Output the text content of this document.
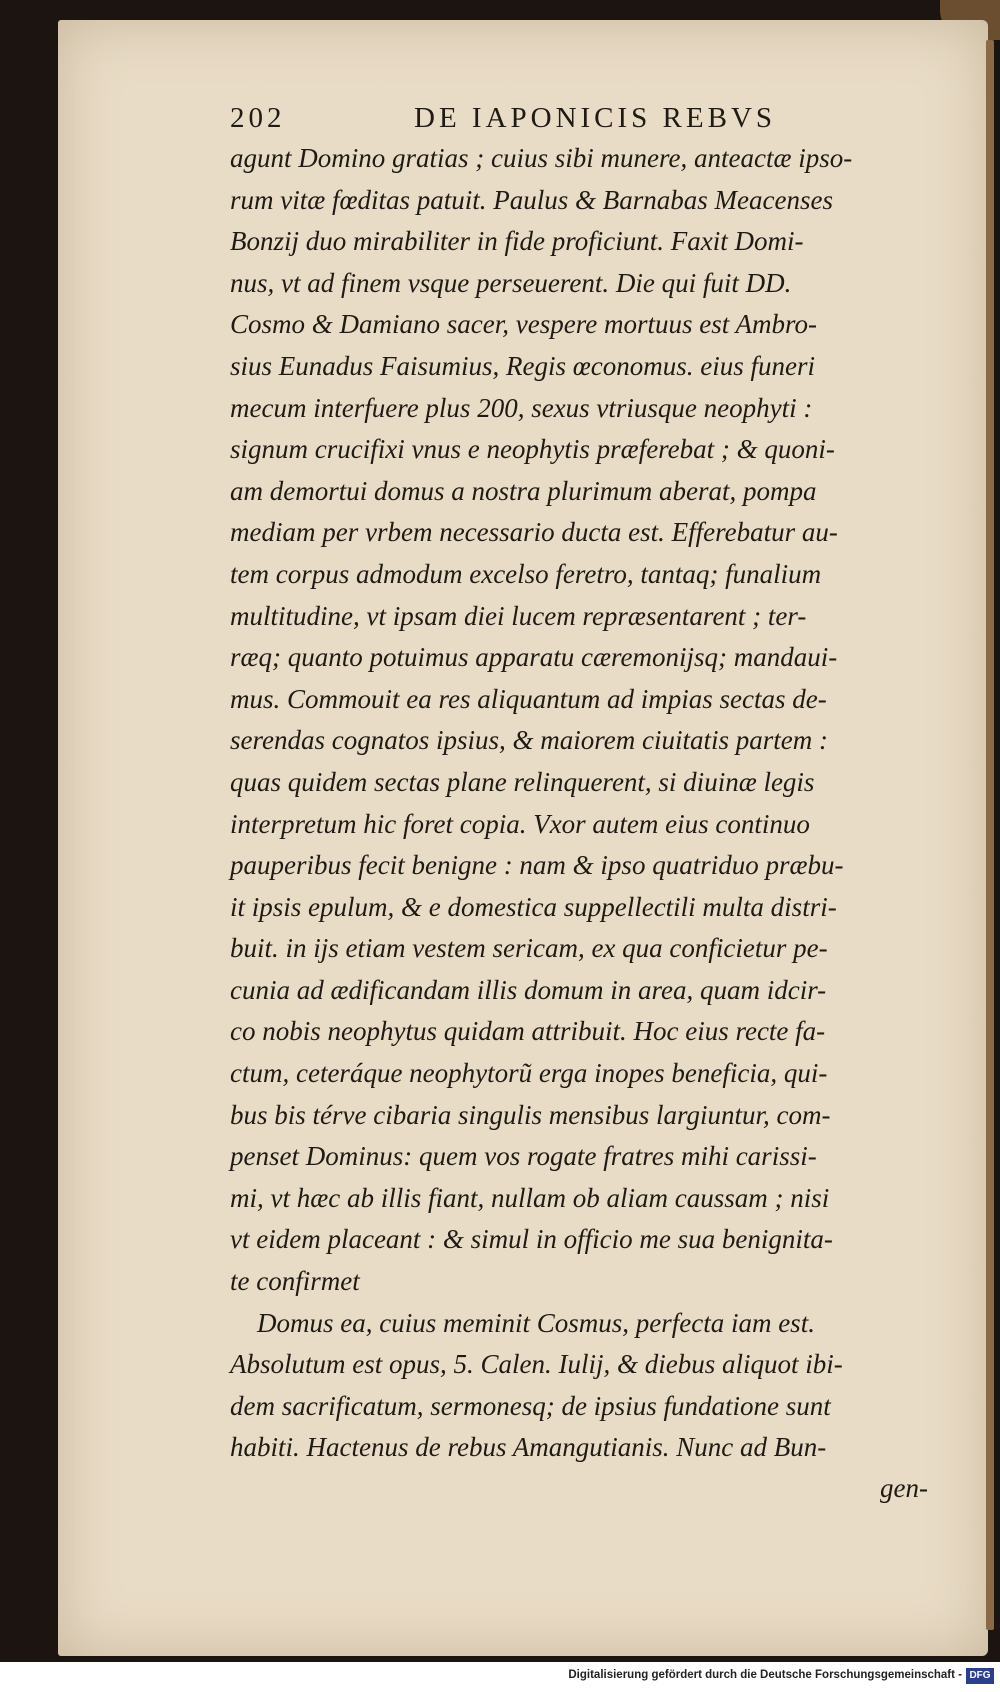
202	DE IAPONICIS REBVS
agunt Domino gratias ; cuius sibi munere, anteactæ ipso-
rum vitæ fœditas patuit. Paulus & Barnabas Meacenses
Bonzij duo mirabiliter in fide proficiunt. Faxit Domi-
nus, vt ad finem vsque perseuerent. Die qui fuit DD.
Cosmo & Damiano sacer, vespere mortuus est Ambro-
sius Eunadus Faisumius, Regis œconomus. eius funeri
mecum interfuere plus 200, sexus vtriusque neophyti :
signum crucifixi vnus e neophytis præferebat ; & quoni-
am demortui domus a nostra plurimum aberat, pompa
mediam per vrbem necessario ducta est. Efferebatur au-
tem corpus admodum excelso feretro, tantaq; funalium
multitudine, vt ipsam diei lucem repræsentarent ; ter-
ræq; quanto potuimus apparatu cæremonijsq; mandaui-
mus. Commouit ea res aliquantum ad impias sectas de-
serendas cognatos ipsius, & maiorem ciuitatis partem :
quas quidem sectas plane relinquerent, si diuinæ legis
interpretum hic foret copia. Vxor autem eius continuo
pauperibus fecit benigne : nam & ipso quatriduo præbu-
it ipsis epulum, & e domestica suppellectili multa distri-
buit. in ijs etiam vestem sericam, ex qua conficietur pe-
cunia ad ædificandam illis domum in area, quam idcir-
co nobis neophytus quidam attribuit. Hoc eius recte fa-
ctum, ceteráque neophytorũ erga inopes beneficia, qui-
bus bis térve cibaria singulis mensibus largiuntur, com-
penset Dominus: quem vos rogate fratres mihi carissi-
mi, vt hæc ab illis fiant, nullam ob aliam caussam ; nisi
vt eidem placeant : & simul in officio me sua benignita-
te confirmet
Domus ea, cuius meminit Cosmus, perfecta iam est.
Absolutum est opus, 5. Calen. Iulij, & diebus aliquot ibi-
dem sacrificatum, sermonesq; de ipsius fundatione sunt
habiti. Hactenus de rebus Amangutianis. Nunc ad Bun-
gen-
Digitalisierung gefördert durch die Deutsche Forschungsgemeinschaft - DFG
